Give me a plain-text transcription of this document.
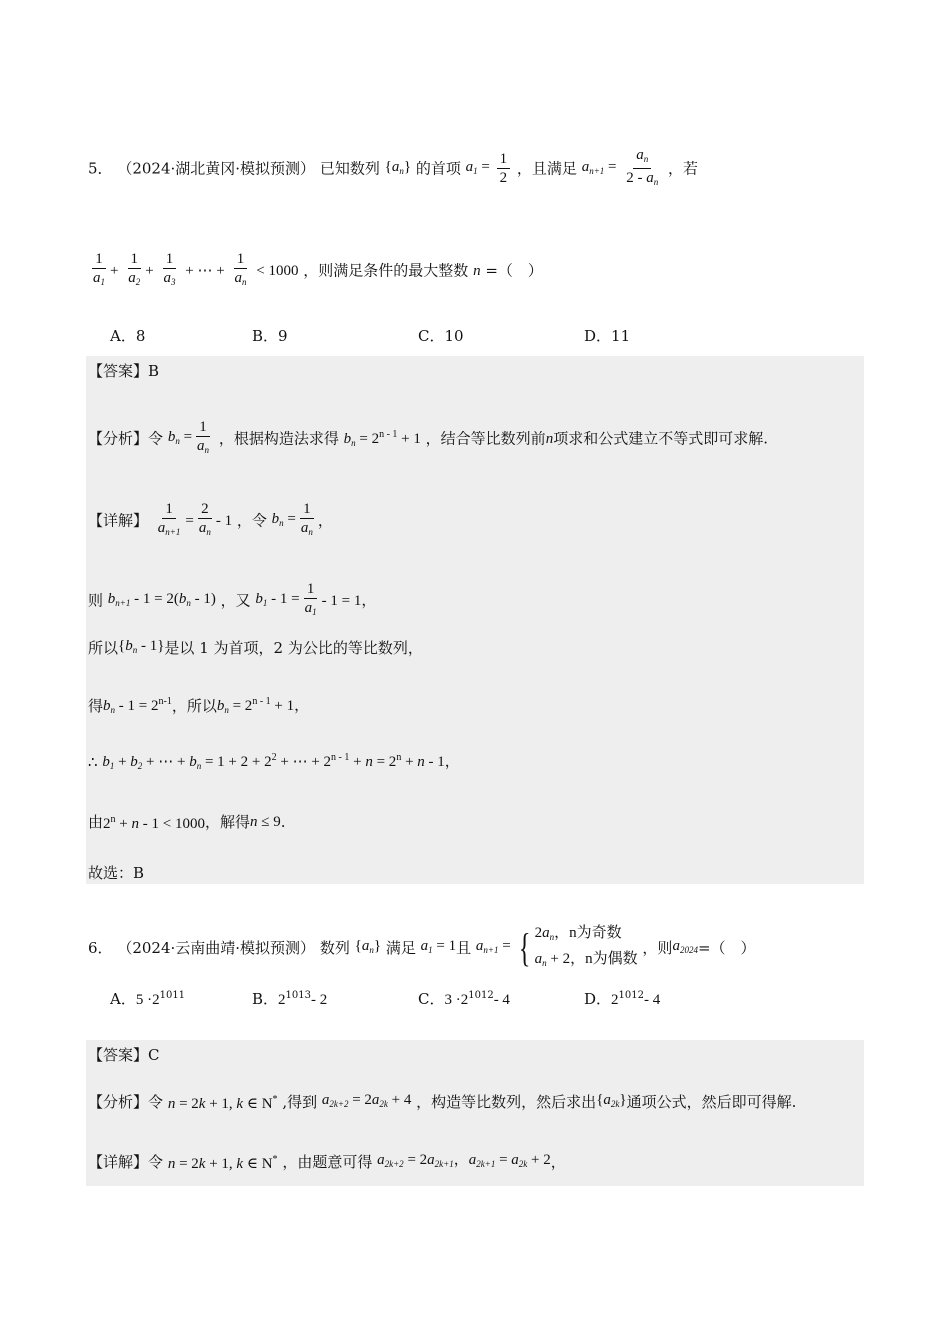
5． （2024·湖北黄冈·模拟预测） 已知数列 $\{a_n\}$ 的首项 $a_1 = \frac{1}{2}$ ，且满足 $a_{n+1} = \frac{a_n}{2 - a_n}$ ，若
$\frac{1}{a_1} + \frac{1}{a_2} + \frac{1}{a_3}$ + ⋯ + $\frac{1}{a_n} < 1000$ ，则满足条件的最大整数 n =（　）
A．8	B．9	C．10	D．11
【答案】B
【分析】令 $b_n = \frac{1}{a_n}$ ，根据构造法求得 $b_n = 2^{n - 1} + 1$ ，结合等比数列前n项求和公式建立不等式即可求解.
【详解】 $\frac{1}{a_{n+1}} = \frac{2}{a_n} - 1$ ，令 $b_n = \frac{1}{a_n}$ ，
则 $b_{n+1} - 1 = 2(b_n - 1)$ ，又 $b_1 - 1 = \frac{1}{a_1} - 1 = 1$，
所以$\{b_n - 1\}$是以 1 为首项，2 为公比的等比数列，
得$b_n - 1 = 2^{n-1}$，所以$b_n = 2^{n - 1} + 1$，
∴ $b_1 + b_2$ + ⋯ + $b_n = 1 + 2 + 2^2$ + ⋯ + $2^{n - 1} + n = 2^n + n - 1$，
由$2^n + n - 1 < 1000$，解得n ≤ 9.
故选：B
6． （2024·云南曲靖·模拟预测） 数列 $\{a_n\}$ 满足 $a_1 = 1$且 $a_{n+1}$ = { $2a_n$，n为奇数
$a_n + 2$，n为偶数
，则$a_{2024}=$（　）
A．$5 \cdot 2^{1011}$	B．$2^{1013}-$ 2	C．$3 \cdot 2^{1012}-$ 4	D．$2^{1012}-$ 4
【答案】C
【分析】令 n = 2k + 1, k ∈ N* ,得到 $a_{2k+2} = 2a_{2k} + 4$ ，构造等比数列，然后求出$\{a_{2k}\}$通项公式，然后即可得解.
【详解】令 n = 2k + 1, k ∈ N* ，由题意可得 $a_{2k+2} = 2a_{2k+1}$，$a_{2k+1} = a_{2k} + 2$，
